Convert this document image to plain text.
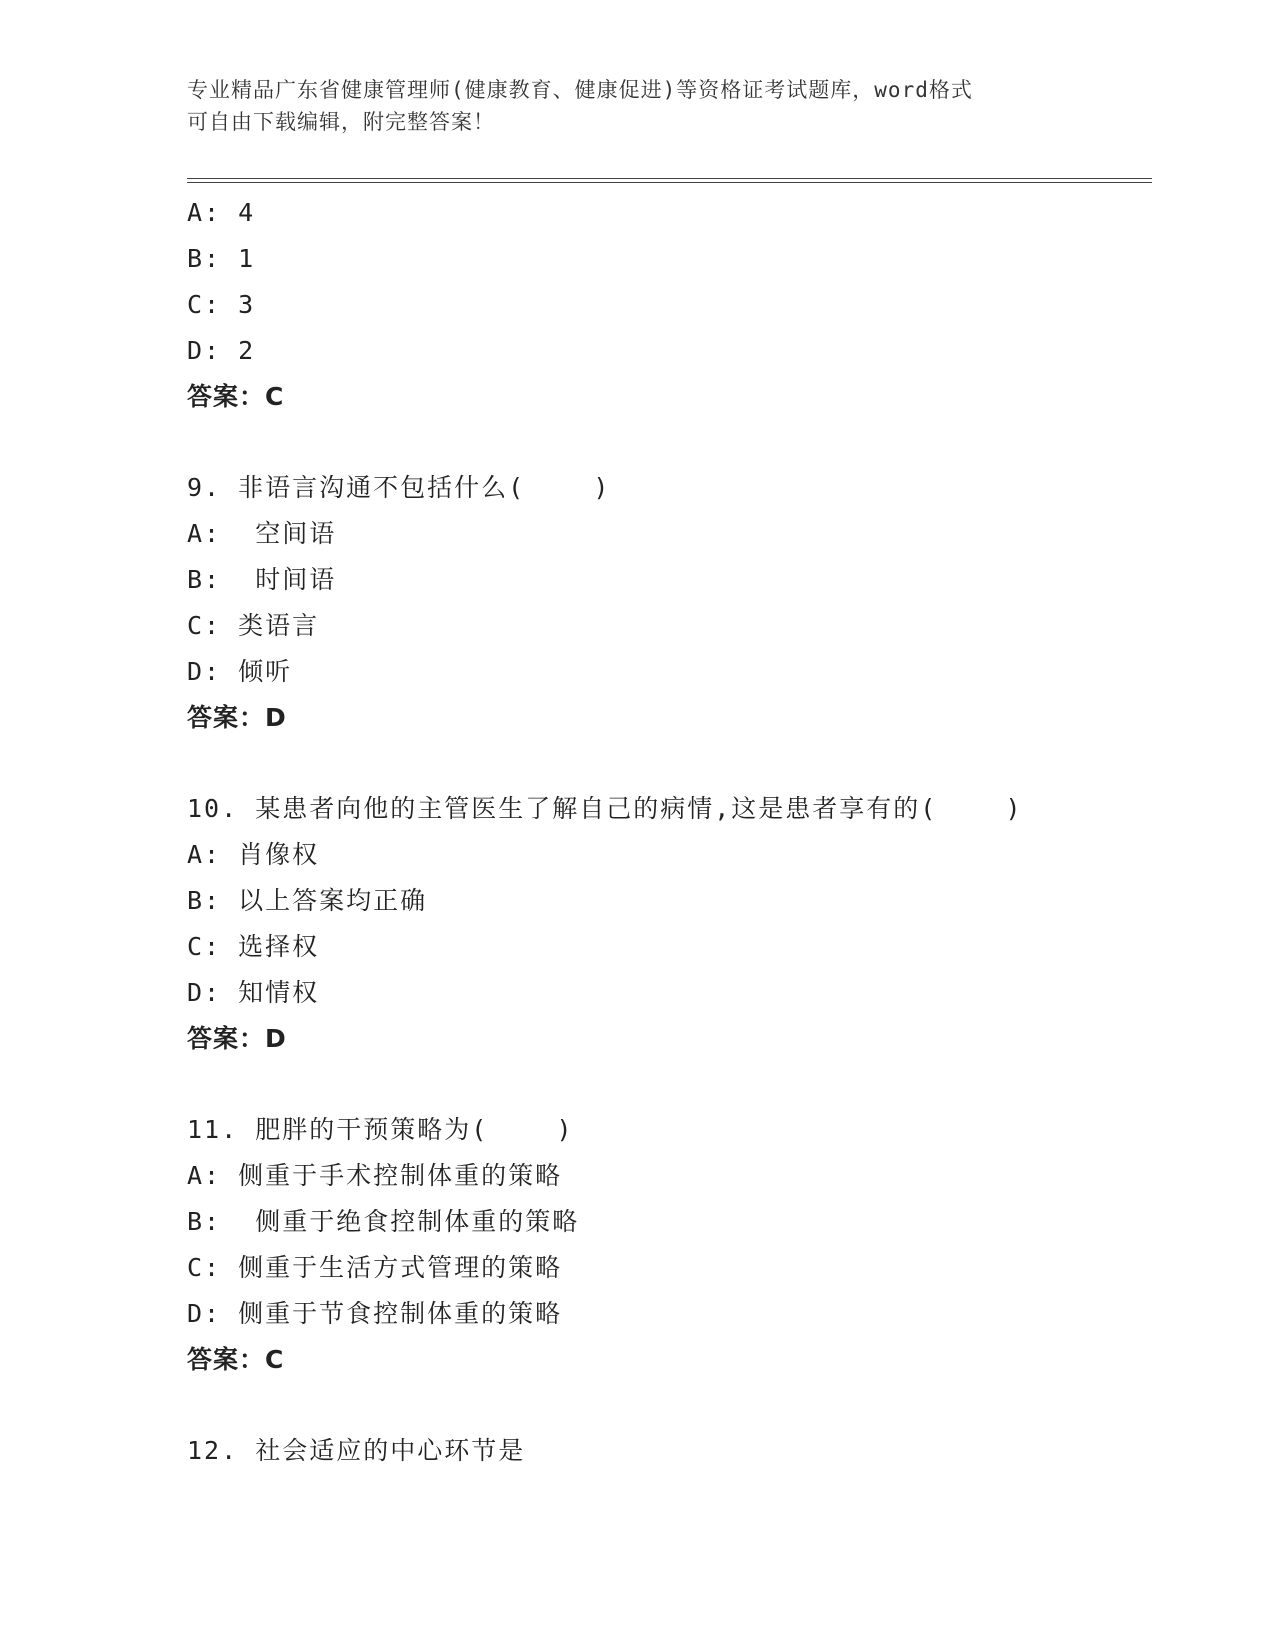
专业精品广东省健康管理师(健康教育、健康促进)等资格证考试题库，word格式
可自由下载编辑，附完整答案！
A: 4
B: 1
C: 3
D: 2
答案：C
9. 非语言沟通不包括什么(    )
A:  空间语
B:  时间语
C: 类语言
D: 倾听
答案：D
10. 某患者向他的主管医生了解自己的病情,这是患者享有的(    )
A: 肖像权
B: 以上答案均正确
C: 选择权
D: 知情权
答案：D
11. 肥胖的干预策略为(    )
A: 侧重于手术控制体重的策略
B:  侧重于绝食控制体重的策略
C: 侧重于生活方式管理的策略
D: 侧重于节食控制体重的策略
答案：C
12. 社会适应的中心环节是
